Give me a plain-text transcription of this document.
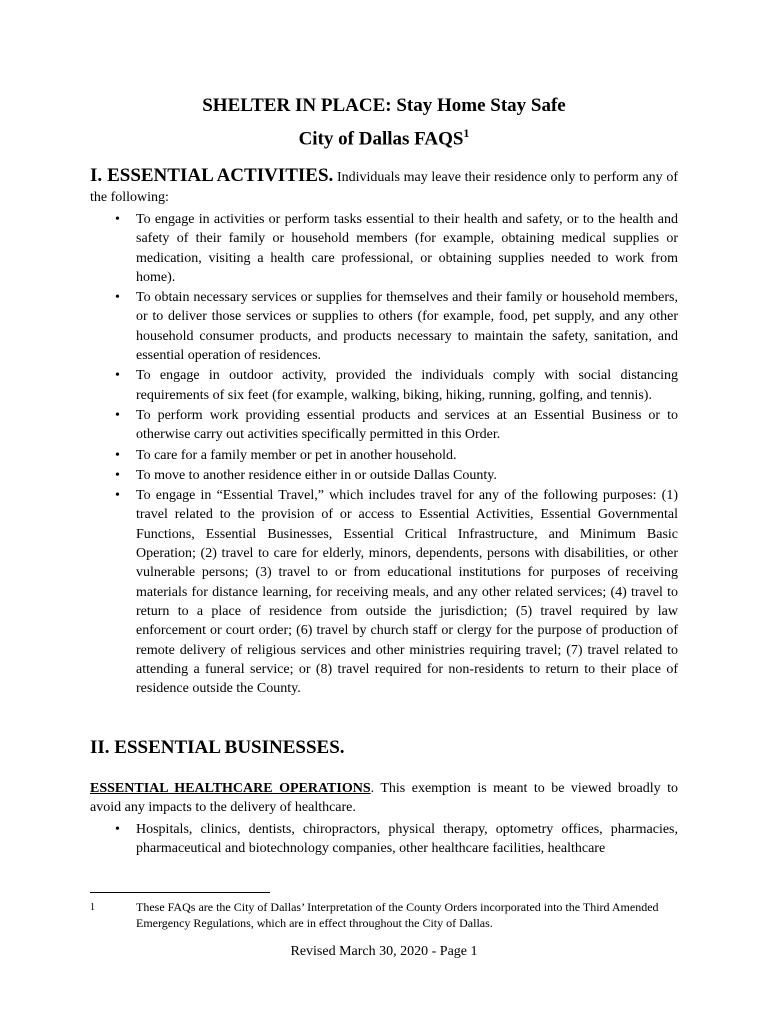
SHELTER IN PLACE: Stay Home Stay Safe
City of Dallas FAQS$^1$
I. ESSENTIAL ACTIVITIES. Individuals may leave their residence only to perform any of the following:
• To engage in activities or perform tasks essential to their health and safety, or to the health and safety of their family or household members (for example, obtaining medical supplies or medication, visiting a health care professional, or obtaining supplies needed to work from home).
• To obtain necessary services or supplies for themselves and their family or household members, or to deliver those services or supplies to others (for example, food, pet supply, and any other household consumer products, and products necessary to maintain the safety, sanitation, and essential operation of residences.
• To engage in outdoor activity, provided the individuals comply with social distancing requirements of six feet (for example, walking, biking, hiking, running, golfing, and tennis).
• To perform work providing essential products and services at an Essential Business or to otherwise carry out activities specifically permitted in this Order.
• To care for a family member or pet in another household.
• To move to another residence either in or outside Dallas County.
• To engage in “Essential Travel,” which includes travel for any of the following purposes: (1) travel related to the provision of or access to Essential Activities, Essential Governmental Functions, Essential Businesses, Essential Critical Infrastructure, and Minimum Basic Operation; (2) travel to care for elderly, minors, dependents, persons with disabilities, or other vulnerable persons; (3) travel to or from educational institutions for purposes of receiving materials for distance learning, for receiving meals, and any other related services; (4) travel to return to a place of residence from outside the jurisdiction; (5) travel required by law enforcement or court order; (6) travel by church staff or clergy for the purpose of production of remote delivery of religious services and other ministries requiring travel; (7) travel related to attending a funeral service; or (8) travel required for non-residents to return to their place of residence outside the County.
II. ESSENTIAL BUSINESSES.
ESSENTIAL HEALTHCARE OPERATIONS. This exemption is meant to be viewed broadly to avoid any impacts to the delivery of healthcare.
• Hospitals, clinics, dentists, chiropractors, physical therapy, optometry offices, pharmacies, pharmaceutical and biotechnology companies, other healthcare facilities, healthcare
1	These FAQs are the City of Dallas’ Interpretation of the County Orders incorporated into the Third Amended Emergency Regulations, which are in effect throughout the City of Dallas.
Revised March 30, 2020 - Page 1
